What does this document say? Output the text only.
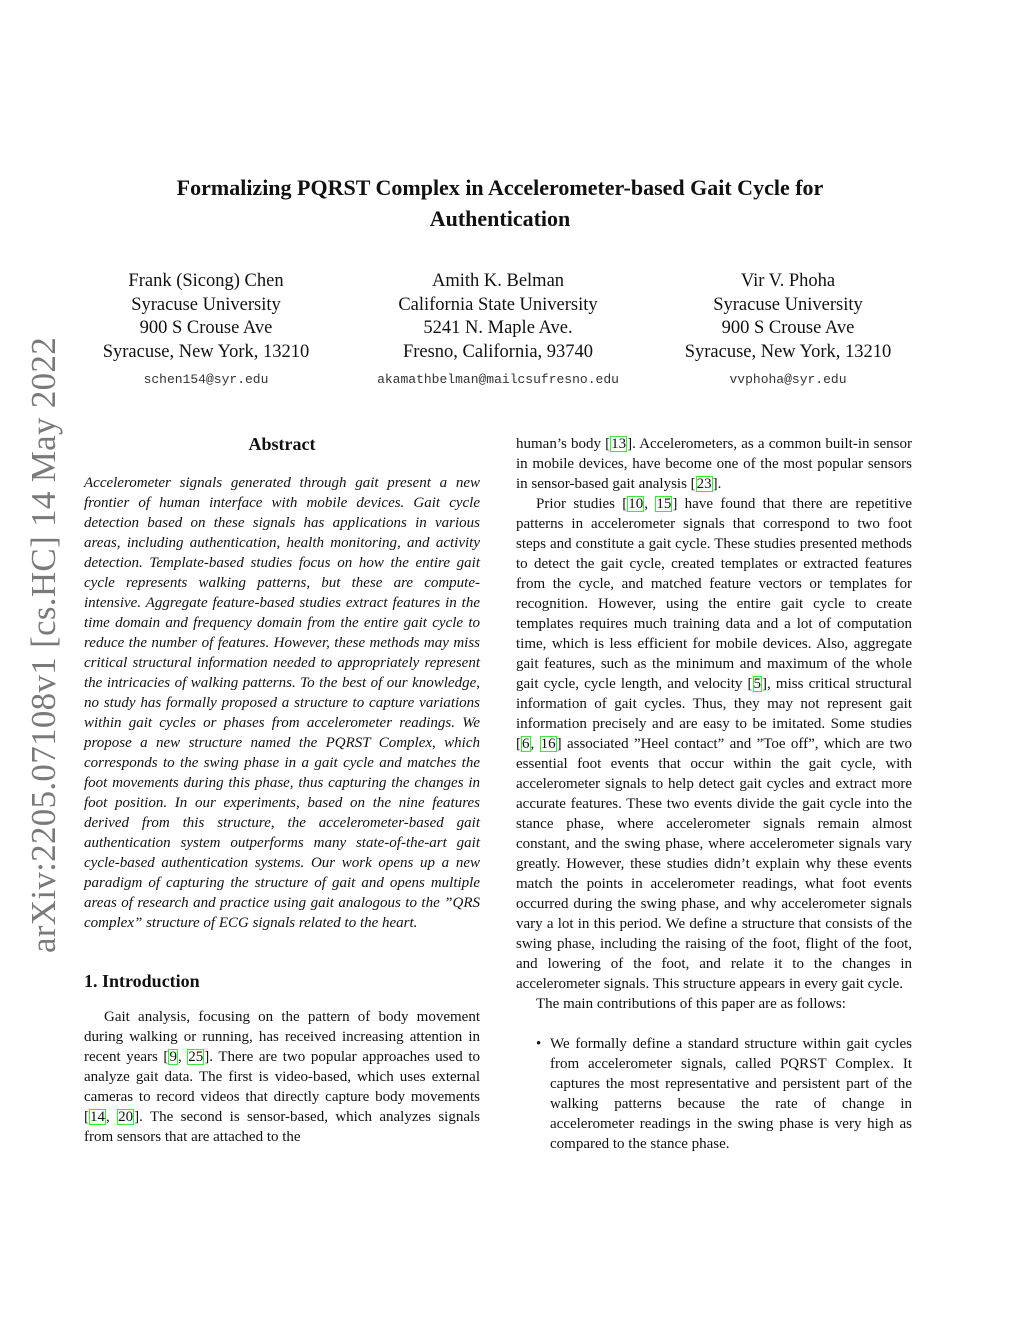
arXiv:2205.07108v1 [cs.HC] 14 May 2022
Formalizing PQRST Complex in Accelerometer-based Gait Cycle for
Authentication
Frank (Sicong) Chen
Syracuse University
900 S Crouse Ave
Syracuse, New York, 13210
schen154@syr.edu
Amith K. Belman
California State University
5241 N. Maple Ave.
Fresno, California, 93740
akamathbelman@mailcsufresno.edu
Vir V. Phoha
Syracuse University
900 S Crouse Ave
Syracuse, New York, 13210
vvphoha@syr.edu
Abstract

Accelerometer signals generated through gait present a new frontier of human interface with mobile devices. Gait cycle detection based on these signals has applications in various areas, including authentication, health monitoring, and activity detection. Template-based studies focus on how the entire gait cycle represents walking patterns, but these are compute-intensive. Aggregate feature-based studies extract features in the time domain and frequency domain from the entire gait cycle to reduce the number of features. However, these methods may miss critical structural information needed to appropriately represent the intricacies of walking patterns. To the best of our knowledge, no study has formally proposed a structure to capture variations within gait cycles or phases from accelerometer readings. We propose a new structure named the PQRST Complex, which corresponds to the swing phase in a gait cycle and matches the foot movements during this phase, thus capturing the changes in foot position. In our experiments, based on the nine features derived from this structure, the accelerometer-based gait authentication system outperforms many state-of-the-art gait cycle-based authentication systems. Our work opens up a new paradigm of capturing the structure of gait and opens multiple areas of research and practice using gait analogous to the ”QRS complex” structure of ECG signals related to the heart.

1. Introduction

Gait analysis, focusing on the pattern of body movement during walking or running, has received increasing attention in recent years [9, 25]. There are two popular approaches used to analyze gait data. The first is video-based, which uses external cameras to record videos that directly capture body movements [14, 20]. The second is sensor-based, which analyzes signals from sensors that are attached to the

human’s body [13]. Accelerometers, as a common built-in sensor in mobile devices, have become one of the most popular sensors in sensor-based gait analysis [23].

Prior studies [10, 15] have found that there are repetitive patterns in accelerometer signals that correspond to two foot steps and constitute a gait cycle. These studies presented methods to detect the gait cycle, created templates or extracted features from the cycle, and matched feature vectors or templates for recognition. However, using the entire gait cycle to create templates requires much training data and a lot of computation time, which is less efficient for mobile devices. Also, aggregate gait features, such as the minimum and maximum of the whole gait cycle, cycle length, and velocity [5], miss critical structural information of gait cycles. Thus, they may not represent gait information precisely and are easy to be imitated. Some studies [6, 16] associated ”Heel contact” and ”Toe off”, which are two essential foot events that occur within the gait cycle, with accelerometer signals to help detect gait cycles and extract more accurate features. These two events divide the gait cycle into the stance phase, where accelerometer signals remain almost constant, and the swing phase, where accelerometer signals vary greatly. However, these studies didn’t explain why these events match the points in accelerometer readings, what foot events occurred during the swing phase, and why accelerometer signals vary a lot in this period. We define a structure that consists of the swing phase, including the raising of the foot, flight of the foot, and lowering of the foot, and relate it to the changes in accelerometer signals. This structure appears in every gait cycle.

The main contributions of this paper are as follows:

• We formally define a standard structure within gait cycles from accelerometer signals, called PQRST Complex. It captures the most representative and persistent part of the walking patterns because the rate of change in accelerometer readings in the swing phase is very high as compared to the stance phase.
